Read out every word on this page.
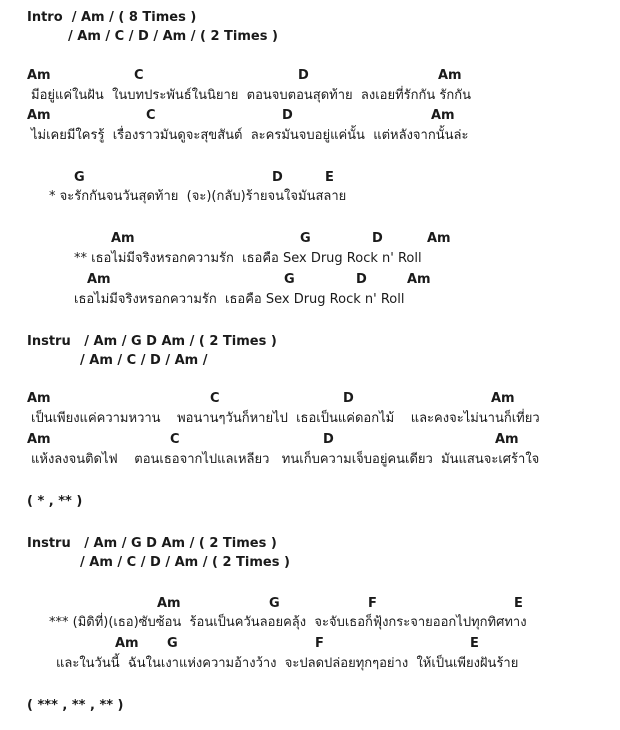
Intro  / Am / ( 8 Times )
/ Am / C / D / Am / ( 2 Times )
Am	C	D	Am
มีอยู่แค่ในฝัน  ในบทประพันธ์ในนิยาย  ตอนจบตอนสุดท้าย  ลงเอยที่รักกัน รักกัน
Am	C	D	Am
ไม่เคยมีใครรู้  เรื่องราวมันดูจะสุขสันต์  ละครมันจบอยู่แค่นั้น  แต่หลังจากนั้นล่ะ
G	D	E
* จะรักกันจนวันสุดท้าย  (จะ)(กลับ)ร้ายจนใจมันสลาย
Am	G	D	Am
** เธอไม่มีจริงหรอกความรัก  เธอคือ Sex Drug Rock n' Roll
Am	G	D	Am
เธอไม่มีจริงหรอกความรัก  เธอคือ Sex Drug Rock n' Roll
Instru   / Am / G D Am / ( 2 Times )
/ Am / C / D / Am /
Am	C	D	Am
เป็นเพียงแค่ความหวาน    พอนานๆวันก็หายไป  เธอเป็นแค่ดอกไม้    และคงจะไม่นานก็เที่ยว
Am	C	D	Am
แห้งลงจนติดไฟ    ตอนเธอจากไปแลเหลียว   ทนเก็บความเจ็บอยู่คนเดียว  มันแสนจะเศร้าใจ
( * , ** )
Instru   / Am / G D Am / ( 2 Times )
/ Am / C / D / Am / ( 2 Times )
Am	G	F	E
*** (มิดิที่)(เธอ)ซับซ้อน  ร้อนเป็นควันลอยคลุ้ง  จะจับเธอก็ฟุ้งกระจายออกไปทุกทิศทาง
Am G	F	E
และในวันนี้  ฉันในเงาแห่งความอ้างว้าง  จะปลดปล่อยทุกๆอย่าง  ให้เป็นเพียงฝันร้าย
( *** , ** , ** )
